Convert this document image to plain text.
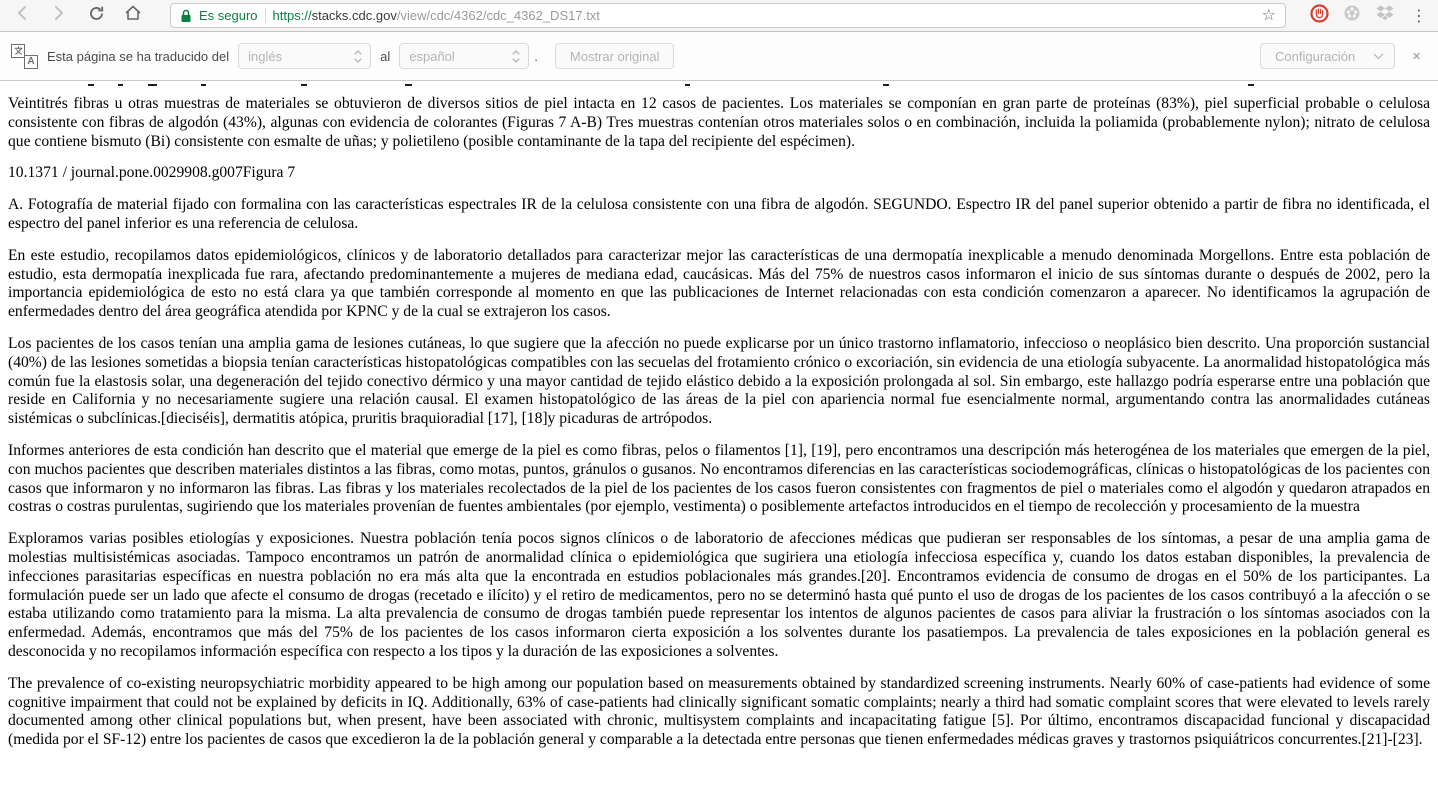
Es seguro https://stacks.cdc.gov/view/cdc/4362/cdc_4362_DS17.txt	☆	⋮
A Esta página se ha traducido del inglés	al español	. Mostrar original	Configuración	×

Veintitrés fibras u otras muestras de materiales se obtuvieron de diversos sitios de piel intacta en 12 casos de pacientes. Los materiales se componían en gran parte de proteínas (83%), piel superficial probable o celulosa consistente con fibras de algodón (43%), algunas con evidencia de colorantes (Figuras 7 A-B) Tres muestras contenían otros materiales solos o en combinación, incluida la poliamida (probablemente nylon); nitrato de celulosa que contiene bismuto (Bi) consistente con esmalte de uñas; y polietileno (posible contaminante de la tapa del recipiente del espécimen).

10.1371 / journal.pone.0029908.g007Figura 7

A. Fotografía de material fijado con formalina con las características espectrales IR de la celulosa consistente con una fibra de algodón. SEGUNDO. Espectro IR del panel superior obtenido a partir de fibra no identificada, el espectro del panel inferior es una referencia de celulosa.

En este estudio, recopilamos datos epidemiológicos, clínicos y de laboratorio detallados para caracterizar mejor las características de una dermopatía inexplicable a menudo denominada Morgellons. Entre esta población de estudio, esta dermopatía inexplicada fue rara, afectando predominantemente a mujeres de mediana edad, caucásicas. Más del 75% de nuestros casos informaron el inicio de sus síntomas durante o después de 2002, pero la importancia epidemiológica de esto no está clara ya que también corresponde al momento en que las publicaciones de Internet relacionadas con esta condición comenzaron a aparecer. No identificamos la agrupación de enfermedades dentro del área geográfica atendida por KPNC y de la cual se extrajeron los casos.

Los pacientes de los casos tenían una amplia gama de lesiones cutáneas, lo que sugiere que la afección no puede explicarse por un único trastorno inflamatorio, infeccioso o neoplásico bien descrito. Una proporción sustancial (40%) de las lesiones sometidas a biopsia tenían características histopatológicas compatibles con las secuelas del frotamiento crónico o excoriación, sin evidencia de una etiología subyacente. La anormalidad histopatológica más común fue la elastosis solar, una degeneración del tejido conectivo dérmico y una mayor cantidad de tejido elástico debido a la exposición prolongada al sol. Sin embargo, este hallazgo podría esperarse entre una población que reside en California y no necesariamente sugiere una relación causal. El examen histopatológico de las áreas de la piel con apariencia normal fue esencialmente normal, argumentando contra las anormalidades cutáneas sistémicas o subclínicas.[dieciséis], dermatitis atópica, pruritis braquioradial [17], [18]y picaduras de artrópodos.

Informes anteriores de esta condición han descrito que el material que emerge de la piel es como fibras, pelos o filamentos [1], [19], pero encontramos una descripción más heterogénea de los materiales que emergen de la piel, con muchos pacientes que describen materiales distintos a las fibras, como motas, puntos, gránulos o gusanos. No encontramos diferencias en las características sociodemográficas, clínicas o histopatológicas de los pacientes con casos que informaron y no informaron las fibras. Las fibras y los materiales recolectados de la piel de los pacientes de los casos fueron consistentes con fragmentos de piel o materiales como el algodón y quedaron atrapados en costras o costras purulentas, sugiriendo que los materiales provenían de fuentes ambientales (por ejemplo, vestimenta) o posiblemente artefactos introducidos en el tiempo de recolección y procesamiento de la muestra

Exploramos varias posibles etiologías y exposiciones. Nuestra población tenía pocos signos clínicos o de laboratorio de afecciones médicas que pudieran ser responsables de los síntomas, a pesar de una amplia gama de molestias multisistémicas asociadas. Tampoco encontramos un patrón de anormalidad clínica o epidemiológica que sugiriera una etiología infecciosa específica y, cuando los datos estaban disponibles, la prevalencia de infecciones parasitarias específicas en nuestra población no era más alta que la encontrada en estudios poblacionales más grandes.[20]. Encontramos evidencia de consumo de drogas en el 50% de los participantes. La formulación puede ser un lado que afecte el consumo de drogas (recetado e ilícito) y el retiro de medicamentos, pero no se determinó hasta qué punto el uso de drogas de los pacientes de los casos contribuyó a la afección o se estaba utilizando como tratamiento para la misma. La alta prevalencia de consumo de drogas también puede representar los intentos de algunos pacientes de casos para aliviar la frustración o los síntomas asociados con la enfermedad. Además, encontramos que más del 75% de los pacientes de los casos informaron cierta exposición a los solventes durante los pasatiempos. La prevalencia de tales exposiciones en la población general es desconocida y no recopilamos información específica con respecto a los tipos y la duración de las exposiciones a solventes.

The prevalence of co-existing neuropsychiatric morbidity appeared to be high among our population based on measurements obtained by standardized screening instruments. Nearly 60% of case-patients had evidence of some cognitive impairment that could not be explained by deficits in IQ. Additionally, 63% of case-patients had clinically significant somatic complaints; nearly a third had somatic complaint scores that were elevated to levels rarely documented among other clinical populations but, when present, have been associated with chronic, multisystem complaints and incapacitating fatigue [5]. Por último, encontramos discapacidad funcional y discapacidad (medida por el SF-12) entre los pacientes de casos que excedieron la de la población general y comparable a la detectada entre personas que tienen enfermedades médicas graves y trastornos psiquiátricos concurrentes.[21]-[23].
